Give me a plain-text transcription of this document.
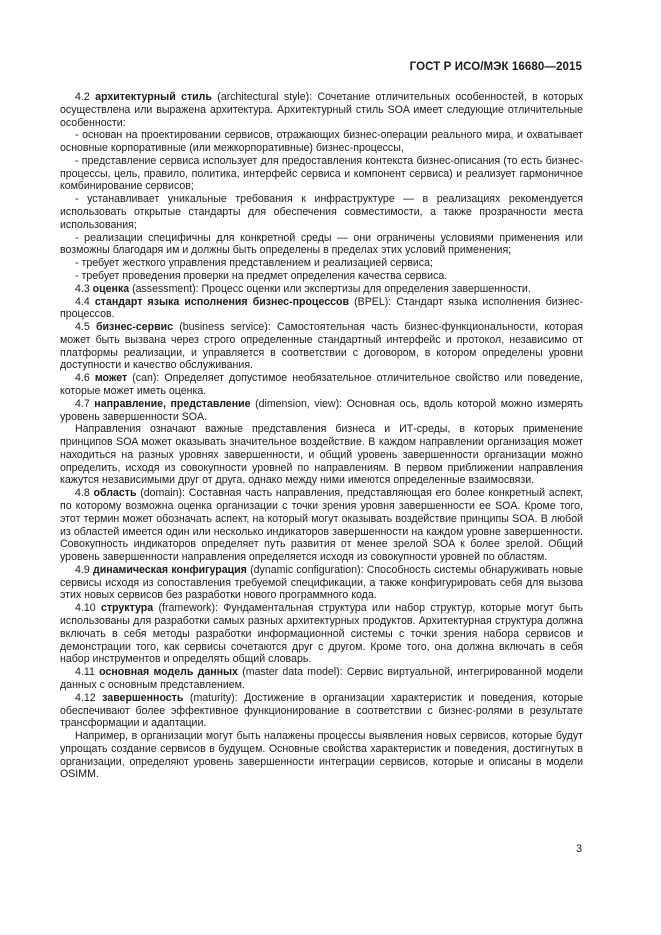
ГОСТ Р ИСО/МЭК 16680—2015

4.2 архитектурный стиль (architectural style): Сочетание отличительных особенностей, в которых осуществлена или выражена архитектура. Архитектурный стиль SOA имеет следующие отличительные особенности:

- основан на проектировании сервисов, отражающих бизнес-операции реального мира, и охватывает основные корпоративные (или межкорпоративные) бизнес-процессы,

- представление сервиса использует для предоставления контекста бизнес-описания (то есть бизнес-процессы, цель, правило, политика, интерфейс сервиса и компонент сервиса) и реализует гармоничное комбинирование сервисов;

- устанавливает уникальные требования к инфраструктуре — в реализациях рекомендуется использовать открытые стандарты для обеспечения совместимости, а также прозрачности места использования;

- реализации специфичны для конкретной среды — они ограничены условиями применения или возможны благодаря им и должны быть определены в пределах этих условий применения;

- требует жесткого управления представлением и реализацией сервиса;

- требует проведения проверки на предмет определения качества сервиса.

4.3 оценка (assessment): Процесс оценки или экспертизы для определения завершенности.

4.4 стандарт языка исполнения бизнес-процессов (BPEL): Стандарт языка исполнения бизнес-процессов.

4.5 бизнес-сервис (business service): Самостоятельная часть бизнес-функциональности, которая может быть вызвана через строго определенные стандартный интерфейс и протокол, независимо от платформы реализации, и управляется в соответствии с договором, в котором определены уровни доступности и качество обслуживания.

4.6 может (can): Определяет допустимое необязательное отличительное свойство или поведение, которые может иметь оценка.

4.7 направление, представление (dimension, view): Основная ось, вдоль которой можно измерять уровень завершенности SOA.

Направления означают важные представления бизнеса и ИТ-среды, в которых применение принципов SOA может оказывать значительное воздействие. В каждом направлении организация может находиться на разных уровнях завершенности, и общий уровень завершенности организации можно определить, исходя из совокупности уровней по направлениям. В первом приближении направления кажутся независимыми друг от друга, однако между ними имеются определенные взаимосвязи.

4.8 область (domain): Составная часть направления, представляющая его более конкретный аспект, по которому возможна оценка организации с точки зрения уровня завершенности ее SOA. Кроме того, этот термин может обозначать аспект, на который могут оказывать воздействие принципы SOA. В любой из областей имеется один или несколько индикаторов завершенности на каждом уровне завершенности. Совокупность индикаторов определяет путь развития от менее зрелой SOA к более зрелой. Общий уровень завершенности направления определяется исходя из совокупности уровней по областям.

4.9 динамическая конфигурация (dynamic configuration): Способность системы обнаруживать новые сервисы исходя из сопоставления требуемой спецификации, а также конфигурировать себя для вызова этих новых сервисов без разработки нового программного кода.

4.10 структура (framework): Фундаментальная структура или набор структур, которые могут быть использованы для разработки самых разных архитектурных продуктов. Архитектурная структура должна включать в себя методы разработки информационной системы с точки зрения набора сервисов и демонстрации того, как сервисы сочетаются друг с другом. Кроме того, она должна включать в себя набор инструментов и определять общий словарь.

4.11 основная модель данных (master data model): Сервис виртуальной, интегрированной модели данных с основным представлением.

4.12 завершенность (maturity): Достижение в организации характеристик и поведения, которые обеспечивают более эффективное функционирование в соответствии с бизнес-ролями в результате трансформации и адаптации.

Например, в организации могут быть налажены процессы выявления новых сервисов, которые будут упрощать создание сервисов в будущем. Основные свойства характеристик и поведения, достигнутых в организации, определяют уровень завершенности интеграции сервисов, которые и описаны в модели OSIMM.

3
